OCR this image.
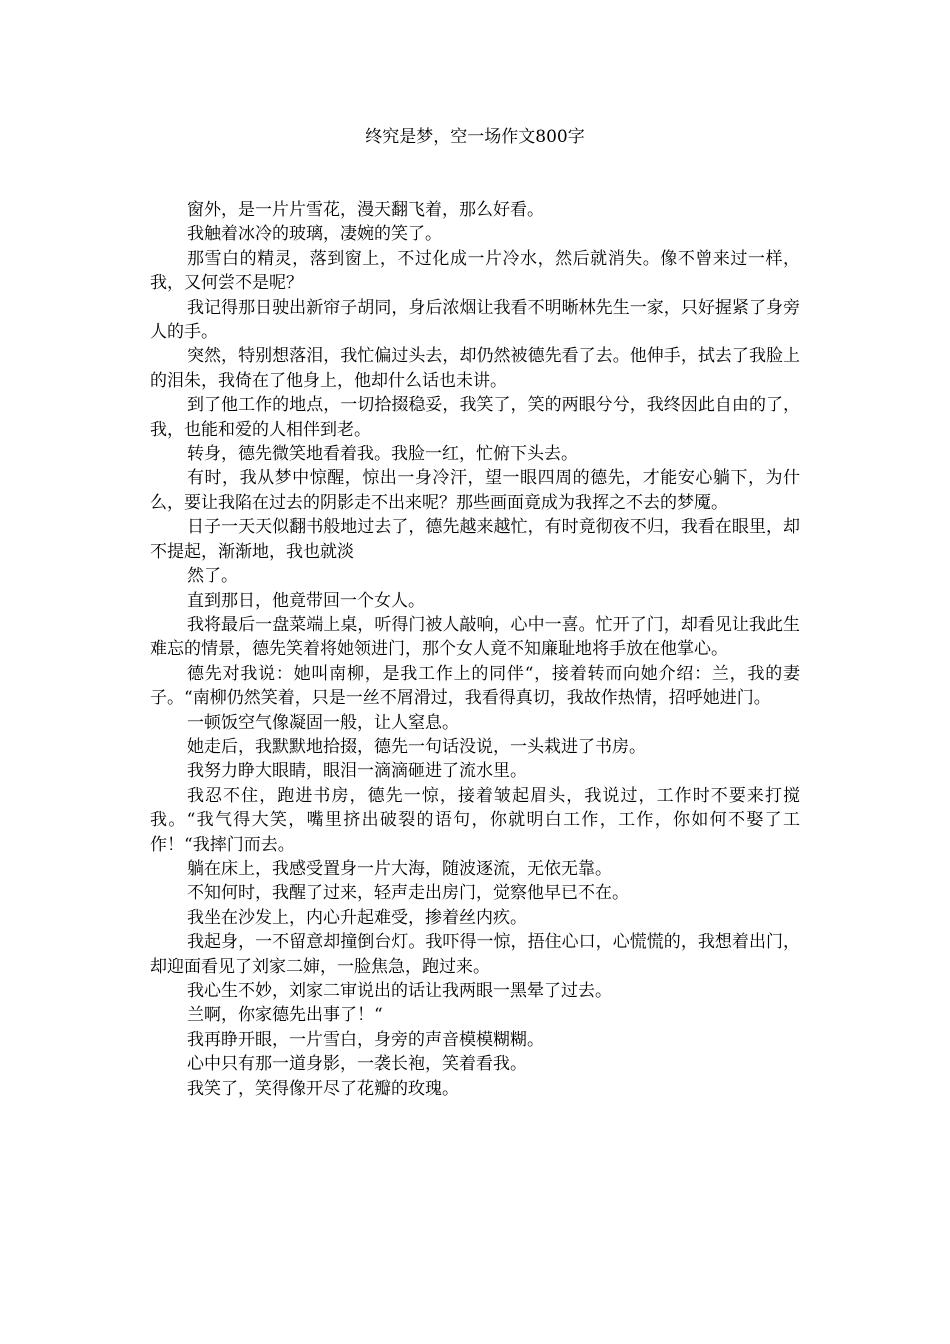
终究是梦，空一场作文800字

窗外，是一片片雪花，漫天翻飞着，那么好看。

我触着冰冷的玻璃，凄婉的笑了。

那雪白的精灵，落到窗上，不过化成一片冷水，然后就消失。像不曾来过一样，我，又何尝不是呢？

我记得那日驶出新帘子胡同，身后浓烟让我看不明晰林先生一家，只好握紧了身旁人的手。

突然，特别想落泪，我忙偏过头去，却仍然被德先看了去。他伸手，拭去了我脸上的泪朱，我倚在了他身上，他却什么话也未讲。

到了他工作的地点，一切拾掇稳妥，我笑了，笑的两眼兮兮，我终因此自由的了，我，也能和爱的人相伴到老。

转身，德先微笑地看着我。我脸一红，忙俯下头去。

有时，我从梦中惊醒，惊出一身冷汗，望一眼四周的德先，才能安心躺下，为什么，要让我陷在过去的阴影走不出来呢？那些画面竟成为我挥之不去的梦魇。

日子一天天似翻书般地过去了，德先越来越忙，有时竟彻夜不归，我看在眼里，却不提起，渐渐地，我也就淡

然了。

直到那日，他竟带回一个女人。

我将最后一盘菜端上桌，听得门被人敲响，心中一喜。忙开了门，却看见让我此生难忘的情景，德先笑着将她领进门，那个女人竟不知廉耻地将手放在他掌心。

德先对我说：她叫南柳，是我工作上的同伴“，接着转而向她介绍：兰，我的妻子。“南柳仍然笑着，只是一丝不屑滑过，我看得真切，我故作热情，招呼她进门。

一顿饭空气像凝固一般，让人窒息。

她走后，我默默地拾掇，德先一句话没说，一头栽进了书房。

我努力睁大眼睛，眼泪一滴滴砸进了流水里。

我忍不住，跑进书房，德先一惊，接着皱起眉头，我说过，工作时不要来打搅我。“我气得大笑，嘴里挤出破裂的语句，你就明白工作，工作，你如何不娶了工作！“我摔门而去。

躺在床上，我感受置身一片大海，随波逐流，无依无靠。

不知何时，我醒了过来，轻声走出房门，觉察他早已不在。

我坐在沙发上，内心升起难受，掺着丝内疚。

我起身，一不留意却撞倒台灯。我吓得一惊，捂住心口，心慌慌的，我想着出门，却迎面看见了刘家二婶，一脸焦急，跑过来。

我心生不妙，刘家二审说出的话让我两眼一黑晕了过去。

兰啊，你家德先出事了！“

我再睁开眼，一片雪白，身旁的声音模模糊糊。

心中只有那一道身影，一袭长袍，笑着看我。

我笑了，笑得像开尽了花瓣的玫瑰。
